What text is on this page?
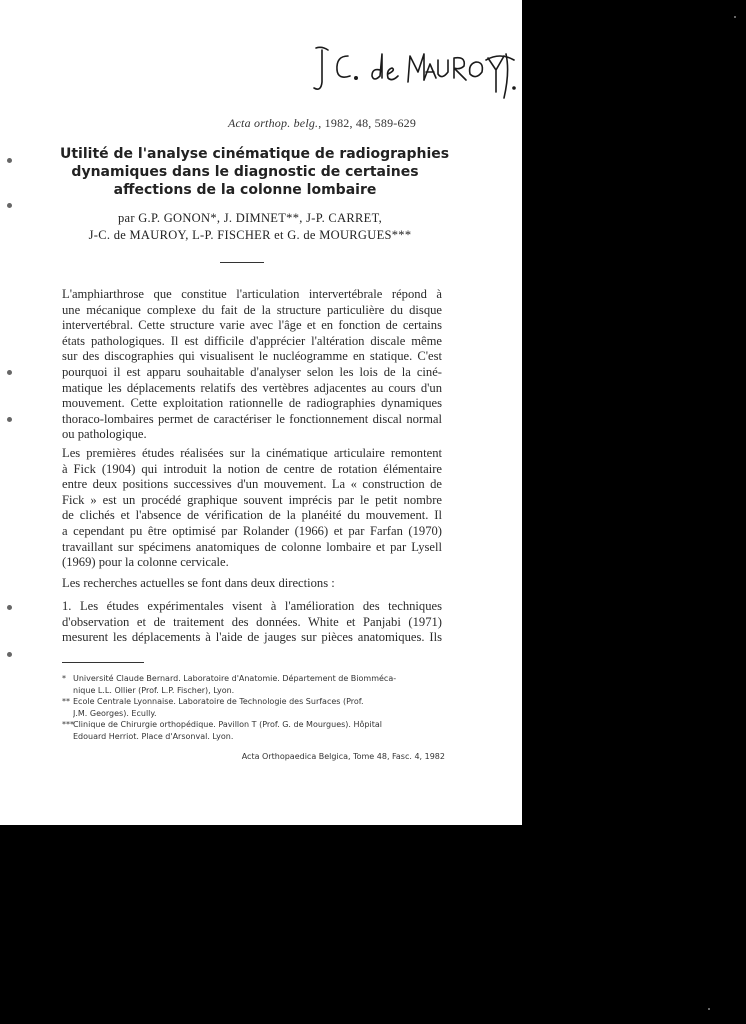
Acta orthop. belg., 1982, 48, 589-629
Utilité de l'analyse cinématique de radiographies
dynamiques dans le diagnostic de certaines
affections de la colonne lombaire
par G.P. GONON*, J. DIMNET**, J-P. CARRET,
J-C. de MAUROY, L-P. FISCHER et G. de MOURGUES***

L'amphiarthrose que constitue l'articulation intervertébrale répond à
une mécanique complexe du fait de la structure particulière du disque
intervertébral. Cette structure varie avec l'âge et en fonction de certains
états pathologiques. Il est difficile d'apprécier l'altération discale même
sur des discographies qui visualisent le nucléogramme en statique. C'est
pourquoi il est apparu souhaitable d'analyser selon les lois de la ciné-
matique les déplacements relatifs des vertèbres adjacentes au cours d'un
mouvement. Cette exploitation rationnelle de radiographies dynamiques
thoraco-lombaires permet de caractériser le fonctionnement discal normal
ou pathologique.

Les premières études réalisées sur la cinématique articulaire remontent
à Fick (1904) qui introduit la notion de centre de rotation élémentaire
entre deux positions successives d'un mouvement. La « construction de
Fick » est un procédé graphique souvent imprécis par le petit nombre
de clichés et l'absence de vérification de la planéité du mouvement. Il
a cependant pu être optimisé par Rolander (1966) et par Farfan (1970)
travaillant sur spécimens anatomiques de colonne lombaire et par Lysell
(1969) pour la colonne cervicale.

Les recherches actuelles se font dans deux directions :

1. Les études expérimentales visent à l'amélioration des techniques
d'observation et de traitement des données. White et Panjabi (1971)
mesurent les déplacements à l'aide de jauges sur pièces anatomiques. Ils

* Université Claude Bernard. Laboratoire d'Anatomie. Département de Biomméca-
nique L.L. Ollier (Prof. L.P. Fischer), Lyon.
** Ecole Centrale Lyonnaise. Laboratoire de Technologie des Surfaces (Prof.
J.M. Georges). Ecully.
*** Clinique de Chirurgie orthopédique. Pavillon T (Prof. G. de Mourgues). Hôpital
Edouard Herriot. Place d'Arsonval. Lyon.
Acta Orthopaedica Belgica, Tome 48, Fasc. 4, 1982
